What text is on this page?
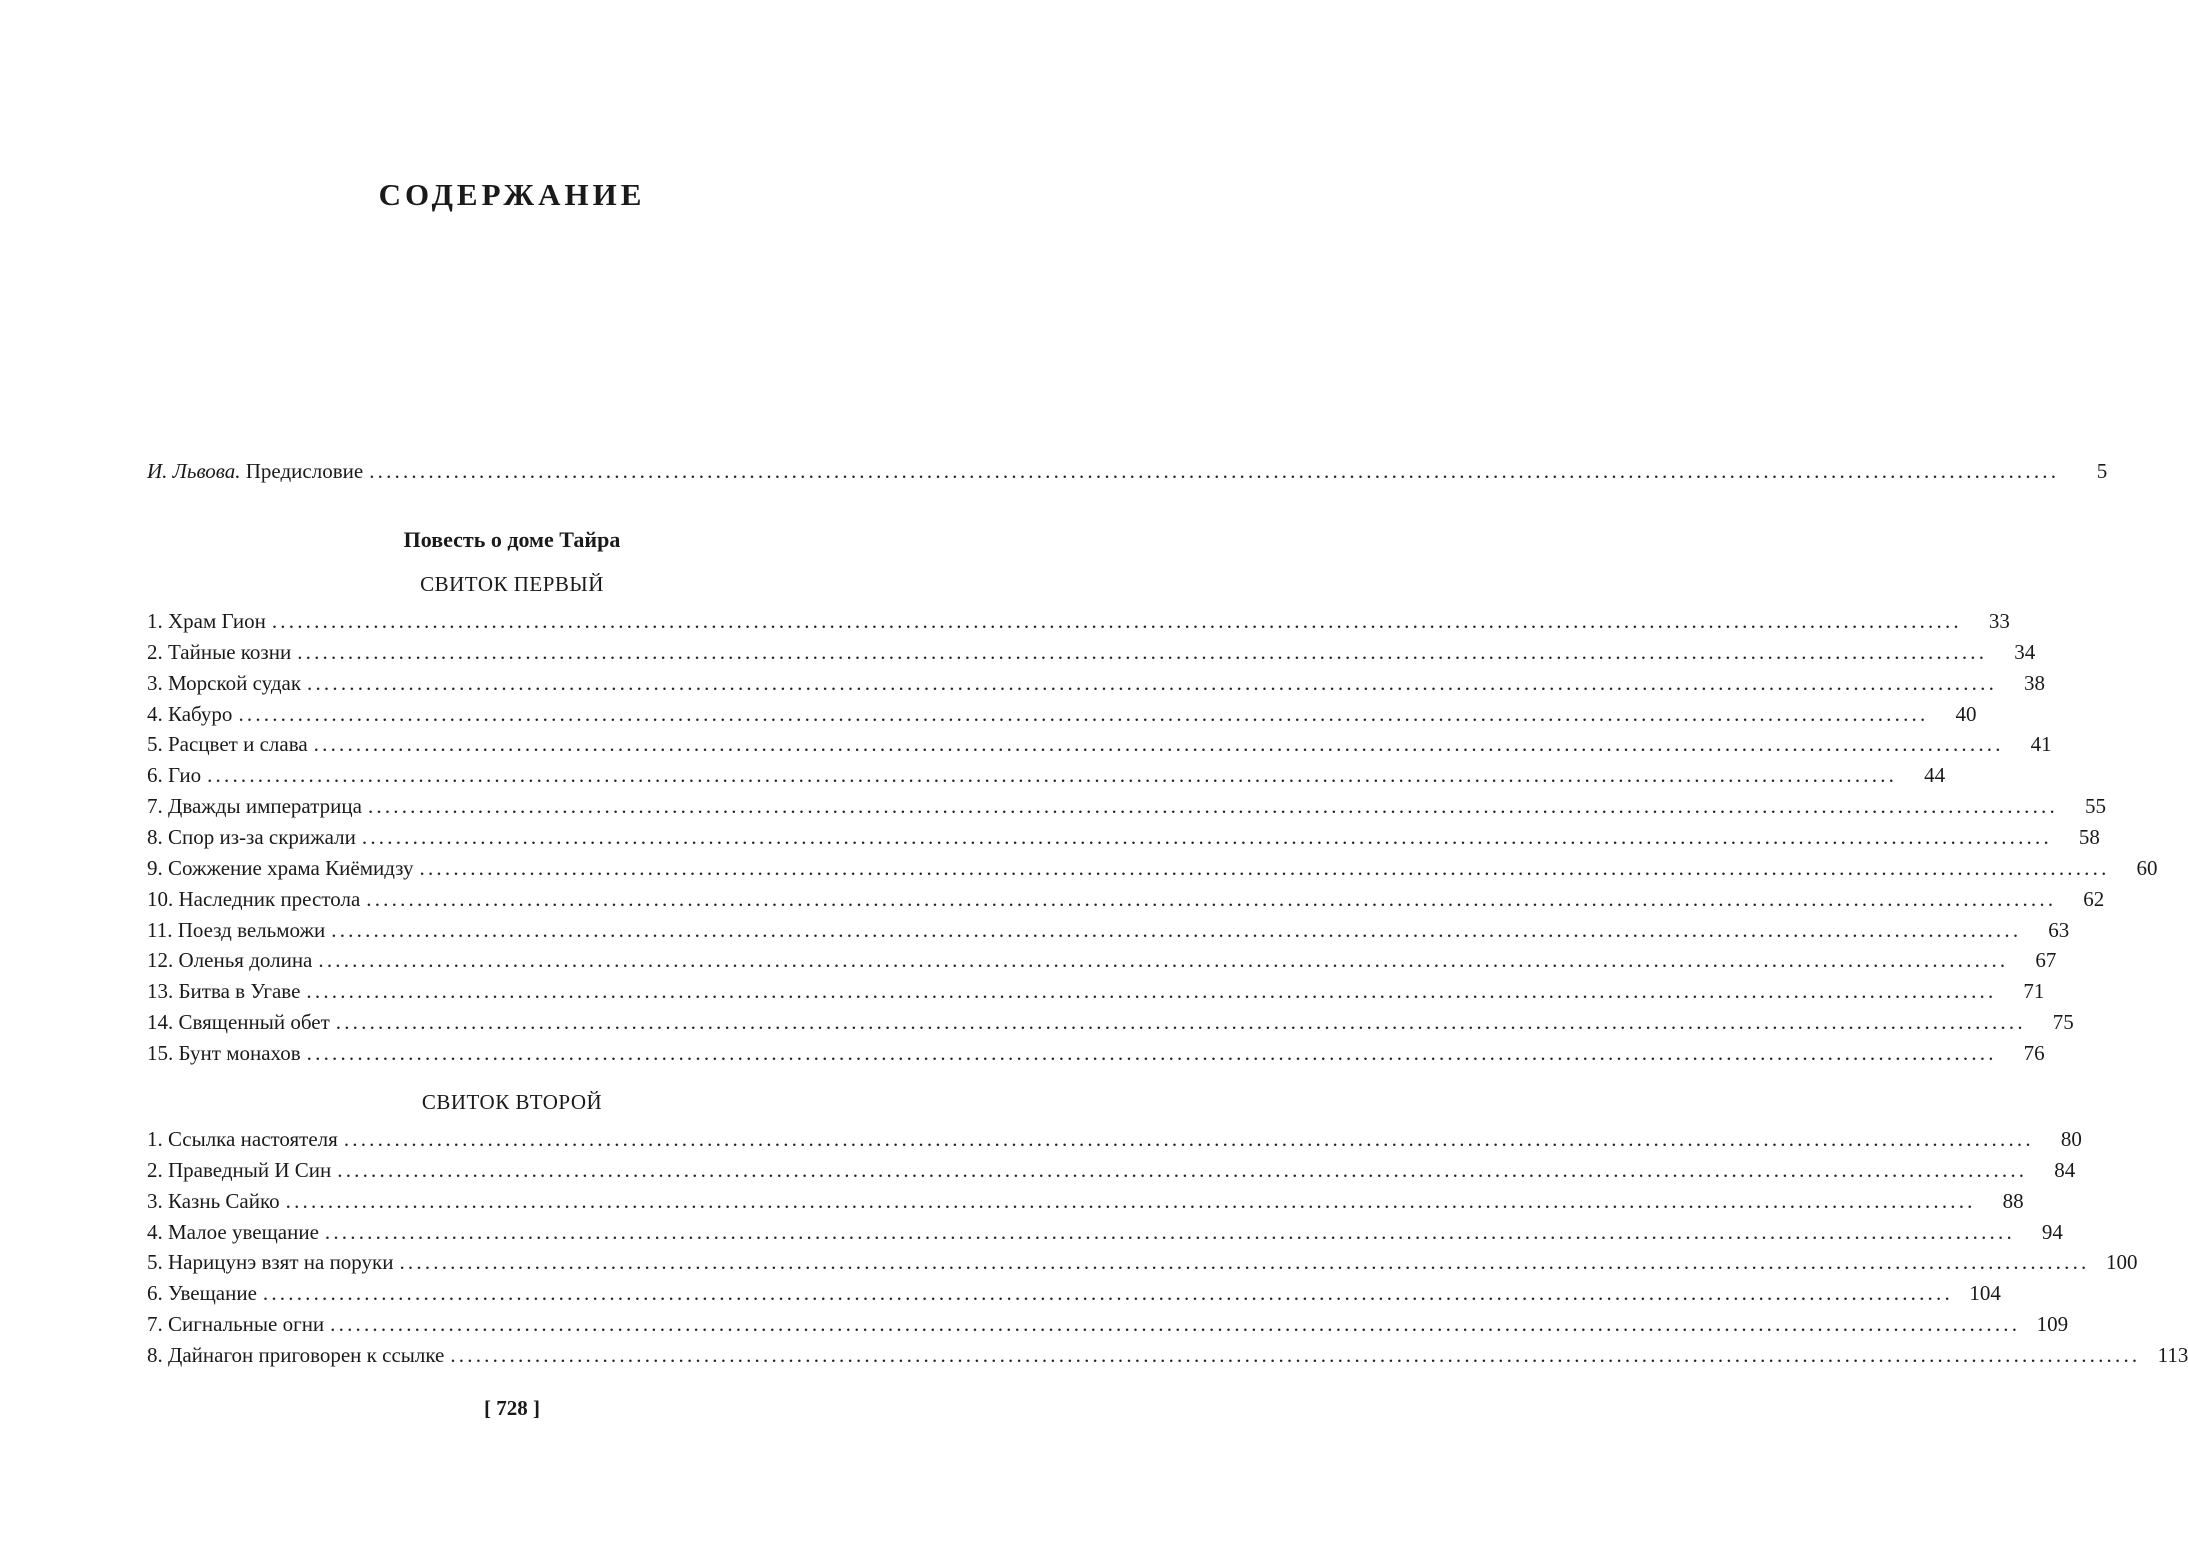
СОДЕРЖАНИЕ
И. Львова. Предисловие ........................................................................................................................................................................................................	5
Повесть о доме Тайра
СВИТОК ПЕРВЫЙ
1. Храм Гион ........................................................................................................................................................................................................	33
2. Тайные козни ........................................................................................................................................................................................................	34
3. Морской судак ........................................................................................................................................................................................................	38
4. Кабуро ........................................................................................................................................................................................................	40
5. Расцвет и слава ........................................................................................................................................................................................................	41
6. Гио ........................................................................................................................................................................................................	44
7. Дважды императрица ........................................................................................................................................................................................................	55
8. Спор из-за скрижали ........................................................................................................................................................................................................	58
9. Сожжение храма Киёмидзу ........................................................................................................................................................................................................	60
10. Наследник престола ........................................................................................................................................................................................................	62
11. Поезд вельможи ........................................................................................................................................................................................................	63
12. Оленья долина ........................................................................................................................................................................................................	67
13. Битва в Угаве ........................................................................................................................................................................................................	71
14. Священный обет ........................................................................................................................................................................................................	75
15. Бунт монахов ........................................................................................................................................................................................................	76
СВИТОК ВТОРОЙ
1. Ссылка настоятеля ........................................................................................................................................................................................................	80
2. Праведный И Син ........................................................................................................................................................................................................	84
3. Казнь Сайко ........................................................................................................................................................................................................	88
4. Малое увещание ........................................................................................................................................................................................................	94
5. Нарицунэ взят на поруки ........................................................................................................................................................................................................ 100
6. Увещание ........................................................................................................................................................................................................ 104
7. Сигнальные огни ........................................................................................................................................................................................................ 109
8. Дайнагон приговорен к ссылке ........................................................................................................................................................................................................ 113
[ 728 ]
